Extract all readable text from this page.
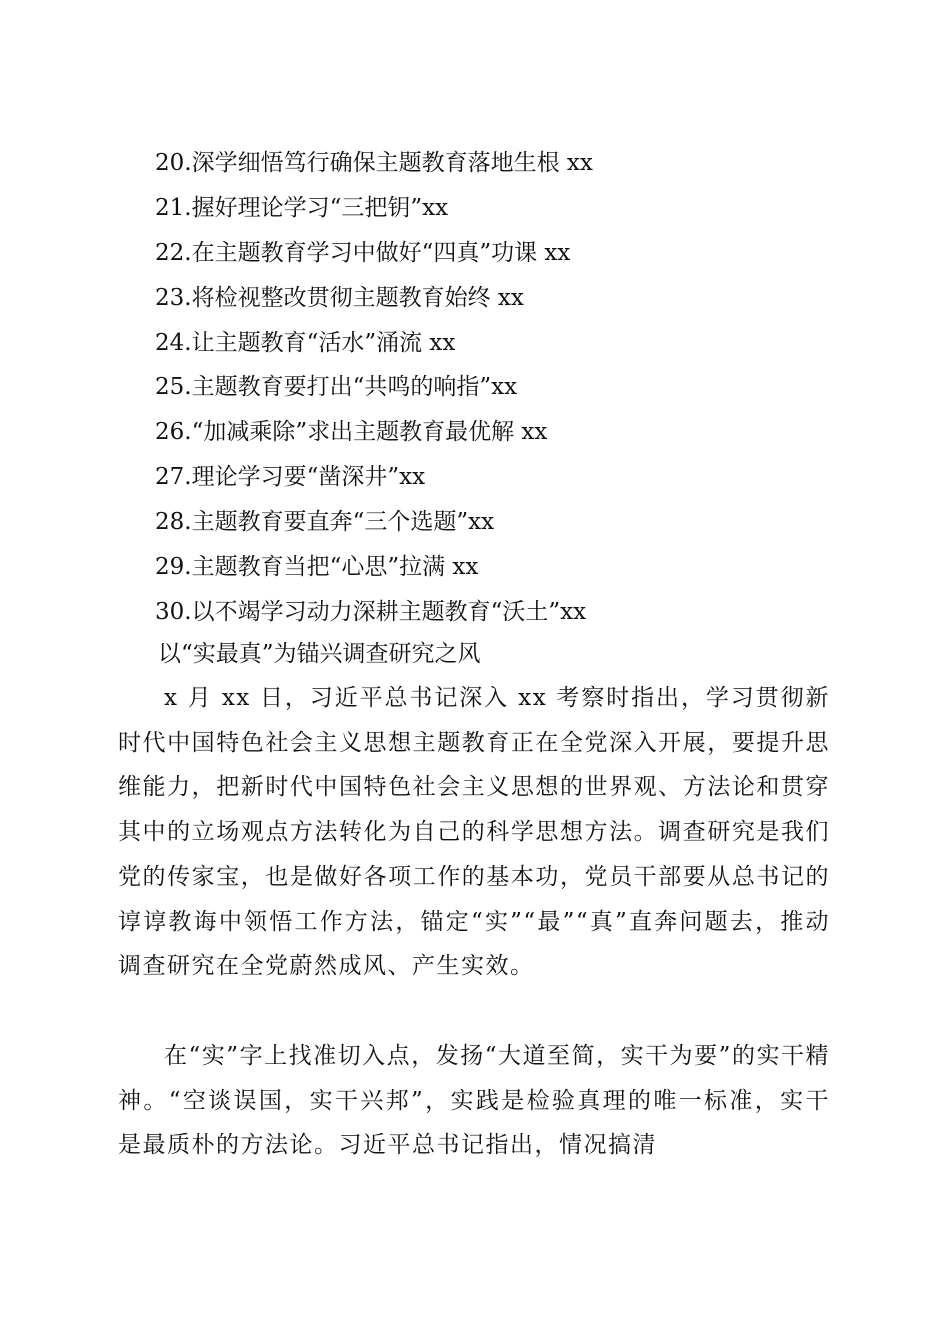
20.深学细悟笃行确保主题教育落地生根 xx
21.握好理论学习“三把钥”xx
22.在主题教育学习中做好“四真”功课 xx
23.将检视整改贯彻主题教育始终 xx
24.让主题教育“活水”涌流 xx
25.主题教育要打出“共鸣的响指”xx
26.“加减乘除”求出主题教育最优解 xx
27.理论学习要“凿深井”xx
28.主题教育要直奔“三个选题”xx
29.主题教育当把“心思”拉满 xx
30.以不竭学习动力深耕主题教育“沃土”xx
以“实最真”为锚兴调查研究之风

x 月 xx 日，习近平总书记深入 xx 考察时指出，学习贯彻新时代中国特色社会主义思想主题教育正在全党深入开展，要提升思维能力，把新时代中国特色社会主义思想的世界观、方法论和贯穿其中的立场观点方法转化为自己的科学思想方法。调查研究是我们党的传家宝，也是做好各项工作的基本功，党员干部要从总书记的谆谆教诲中领悟工作方法，锚定“实”“最”“真”直奔问题去，推动调查研究在全党蔚然成风、产生实效。

在“实”字上找准切入点，发扬“大道至简，实干为要”的实干精神。“空谈误国，实干兴邦”，实践是检验真理的唯一标准，实干是最质朴的方法论。习近平总书记指出，情况搞清
